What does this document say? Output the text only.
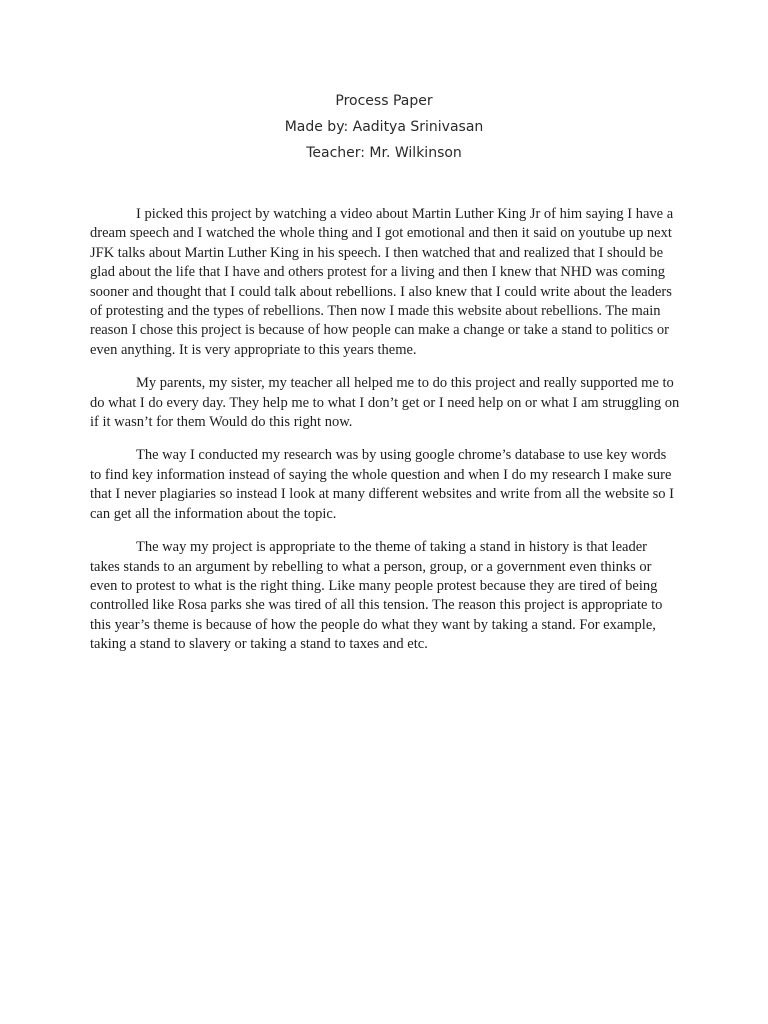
Process Paper
Made by: Aaditya Srinivasan
Teacher: Mr. Wilkinson

I picked this project by watching a video about Martin Luther King Jr of him saying I have a dream speech and I watched the whole thing and I got emotional and then it said on youtube up next JFK talks about Martin Luther King in his speech. I then watched that and realized that I should be glad about the life that I have and others protest for a living and then I knew that NHD was coming sooner and thought that I could talk about rebellions. I also knew that I could write about the leaders of protesting and the types of rebellions. Then now I made this website about rebellions. The main reason I chose this project is because of how people can make a change or take a stand to politics or even anything. It is very appropriate to this years theme.

My parents, my sister, my teacher all helped me to do this project and really supported me to do what I do every day. They help me to what I don’t get or I need help on or what I am struggling on if it wasn’t for them Would do this right now.

The way I conducted my research was by using google chrome’s database to use key words to find key information instead of saying the whole question and when I do my research I make sure that I never plagiaries so instead I look at many different websites and write from all the website so I can get all the information about the topic.

The way my project is appropriate to the theme of taking a stand in history is that leader takes stands to an argument by rebelling to what a person, group, or a government even thinks or even to protest to what is the right thing. Like many people protest because they are tired of being controlled like Rosa parks she was tired of all this tension. The reason this project is appropriate to this year’s theme is because of how the people do what they want by taking a stand. For example, taking a stand to slavery or taking a stand to taxes and etc.
